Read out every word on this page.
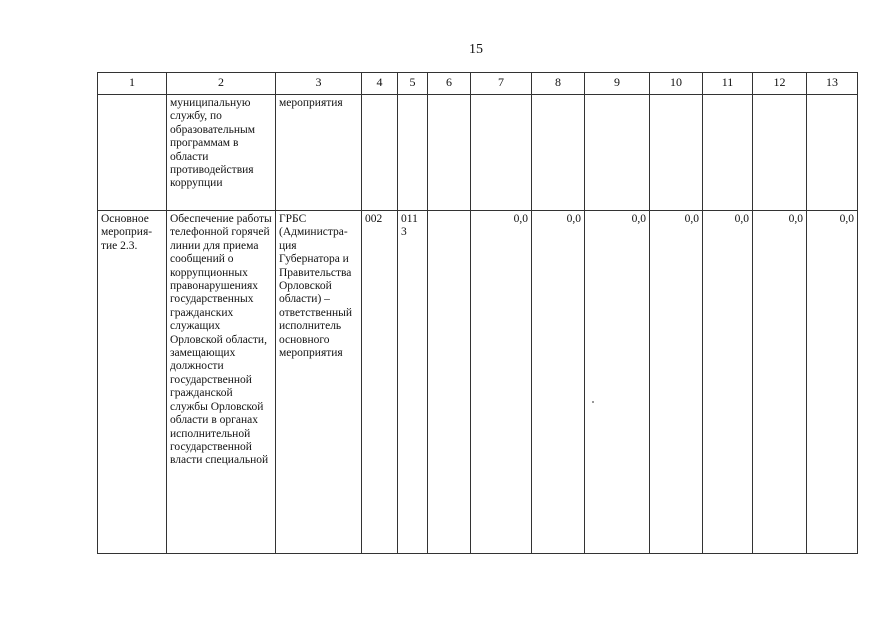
15
1	2	3	4	5	6	7	8	9	10	11	12	13
	муниципальную службу, по образовательным программам в области противодействия коррупции	мероприятия										
Основное мероприя-тие 2.3.	Обеспечение работы телефонной горячей линии для приема сообщений о коррупционных правонарушениях государственных гражданских служащих Орловской области, замещающих должности государственной гражданской службы Орловской области в органах исполнительной государственной власти специальной	ГРБС (Администра-ция Губернатора и Правительства Орловской области) – ответственный исполнитель основного мероприятия	002	011 3		0,0	0,0	0,0	0,0	0,0	0,0	0,0
